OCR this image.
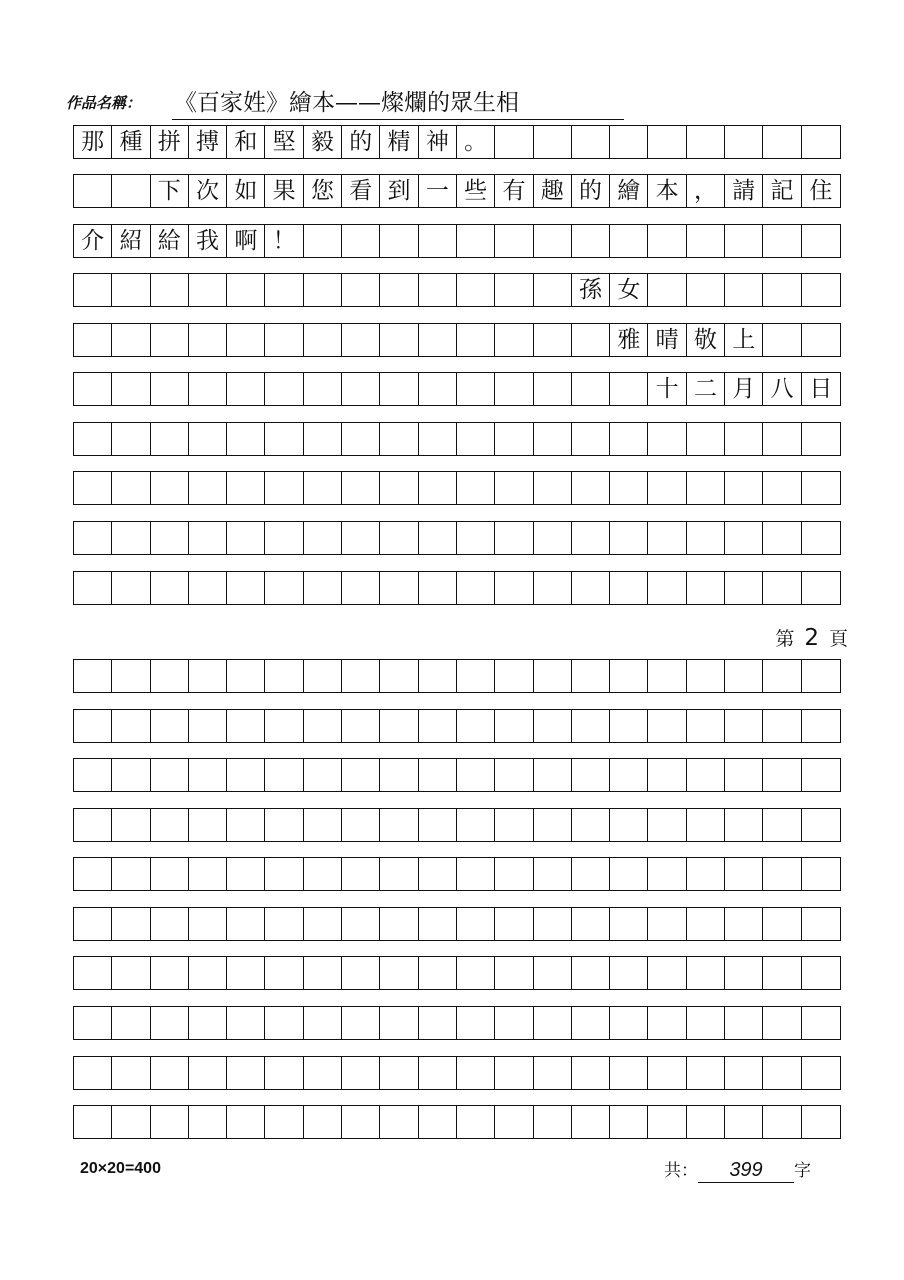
作品名稱： 《百家姓》繪本——燦爛的眾生相
那 種 拼 搏 和 堅 毅 的 精 神 。
下 次 如 果 您 看 到 一 些 有 趣 的 繪 本 ， 請 記 住
介 紹 給 我 啊 ！
孫 女
雅 晴 敬 上
十 二 月 八 日
第 2 頁
20×20=400	共： 399 字
